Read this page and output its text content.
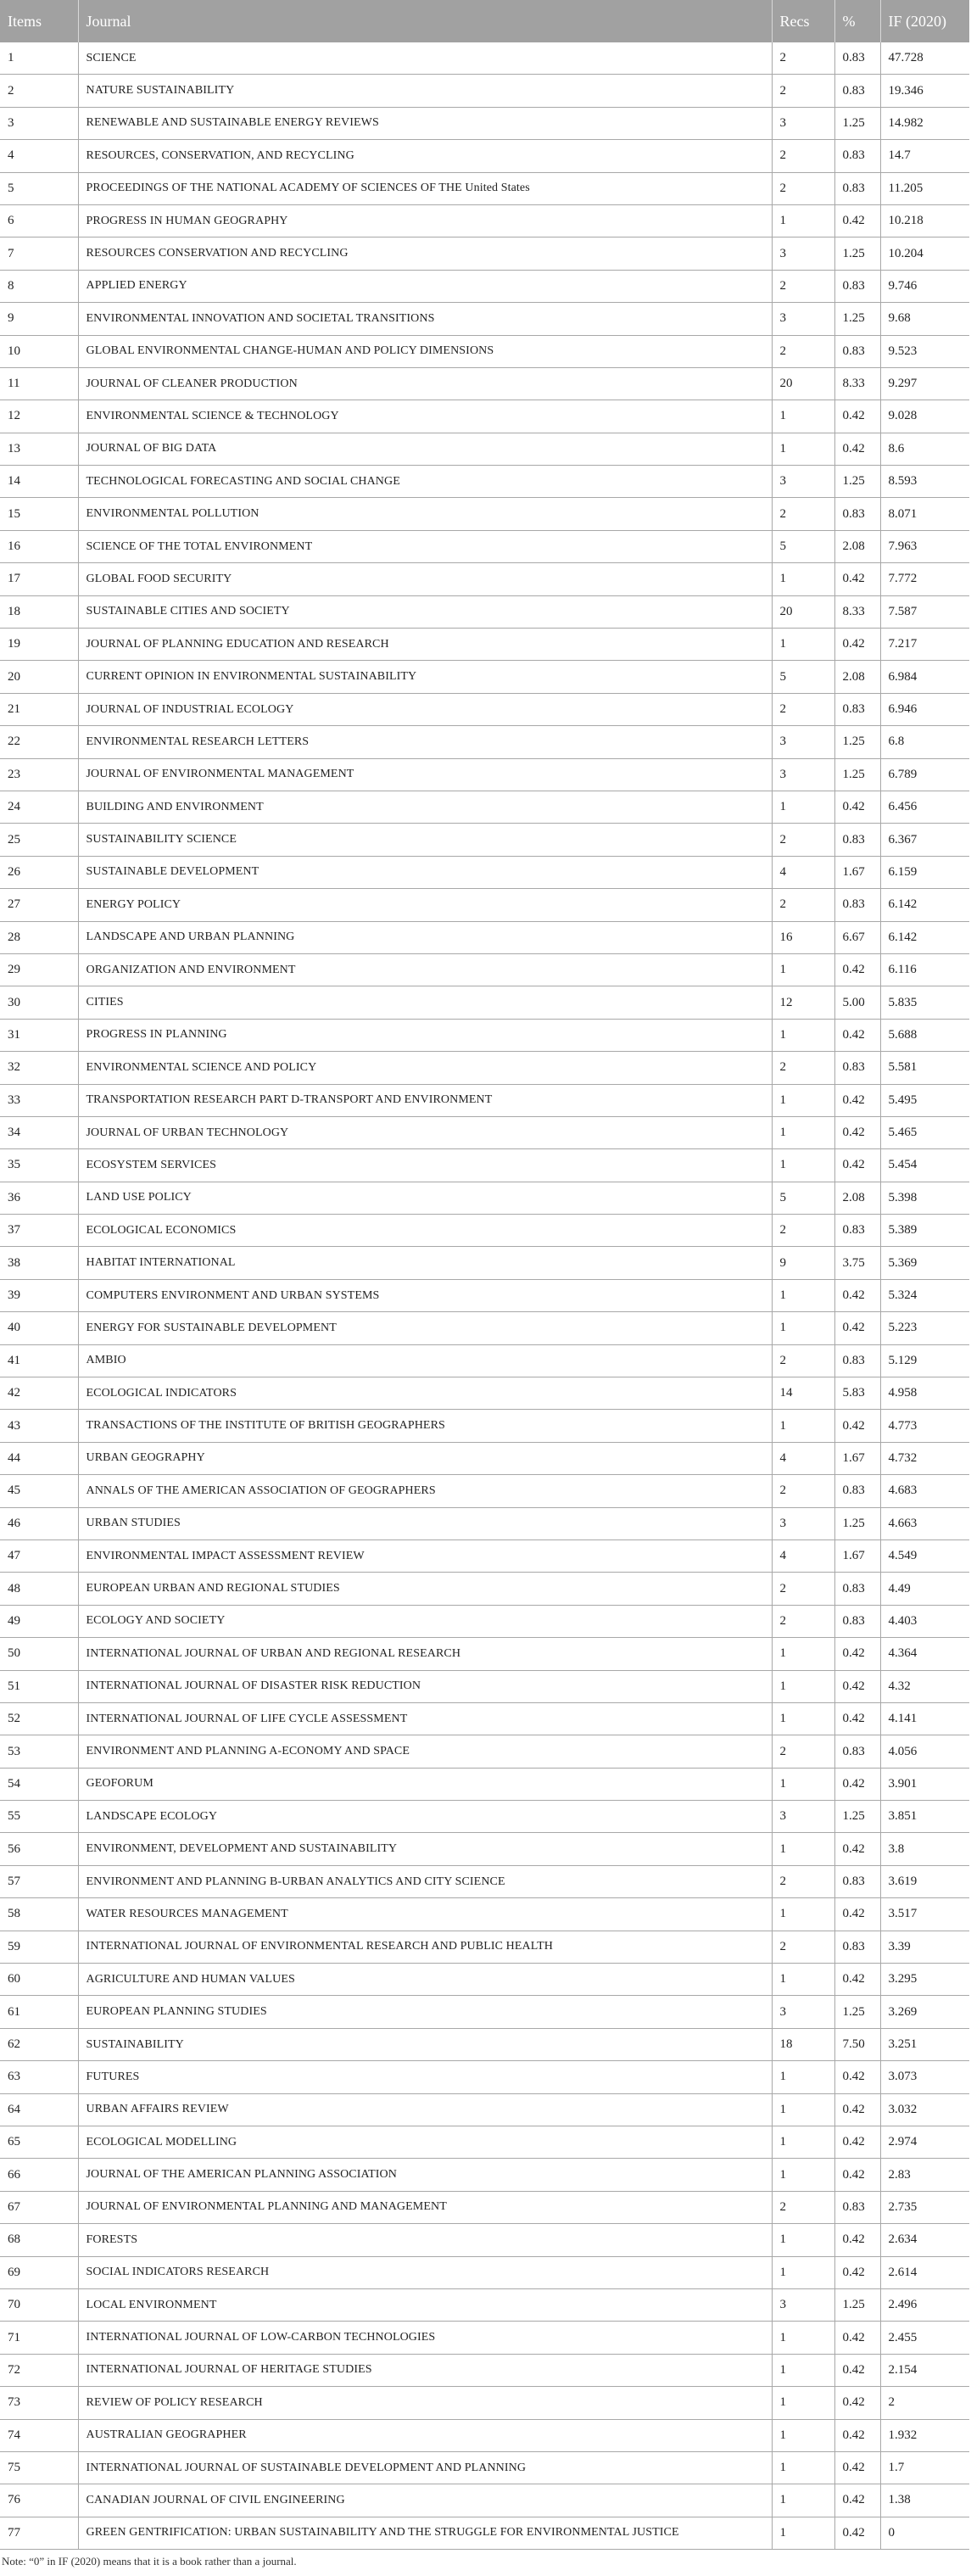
Items	Journal	Recs	%	IF (2020)
1	SCIENCE	2	0.83	47.728
2	NATURE SUSTAINABILITY	2	0.83	19.346
3	RENEWABLE AND SUSTAINABLE ENERGY REVIEWS	3	1.25	14.982
4	RESOURCES, CONSERVATION, AND RECYCLING	2	0.83	14.7
5	PROCEEDINGS OF THE NATIONAL ACADEMY OF SCIENCES OF THE United States	2	0.83	11.205
6	PROGRESS IN HUMAN GEOGRAPHY	1	0.42	10.218
7	RESOURCES CONSERVATION AND RECYCLING	3	1.25	10.204
8	APPLIED ENERGY	2	0.83	9.746
9	ENVIRONMENTAL INNOVATION AND SOCIETAL TRANSITIONS	3	1.25	9.68
10	GLOBAL ENVIRONMENTAL CHANGE-HUMAN AND POLICY DIMENSIONS	2	0.83	9.523
11	JOURNAL OF CLEANER PRODUCTION	20	8.33	9.297
12	ENVIRONMENTAL SCIENCE & TECHNOLOGY	1	0.42	9.028
13	JOURNAL OF BIG DATA	1	0.42	8.6
14	TECHNOLOGICAL FORECASTING AND SOCIAL CHANGE	3	1.25	8.593
15	ENVIRONMENTAL POLLUTION	2	0.83	8.071
16	SCIENCE OF THE TOTAL ENVIRONMENT	5	2.08	7.963
17	GLOBAL FOOD SECURITY	1	0.42	7.772
18	SUSTAINABLE CITIES AND SOCIETY	20	8.33	7.587
19	JOURNAL OF PLANNING EDUCATION AND RESEARCH	1	0.42	7.217
20	CURRENT OPINION IN ENVIRONMENTAL SUSTAINABILITY	5	2.08	6.984
21	JOURNAL OF INDUSTRIAL ECOLOGY	2	0.83	6.946
22	ENVIRONMENTAL RESEARCH LETTERS	3	1.25	6.8
23	JOURNAL OF ENVIRONMENTAL MANAGEMENT	3	1.25	6.789
24	BUILDING AND ENVIRONMENT	1	0.42	6.456
25	SUSTAINABILITY SCIENCE	2	0.83	6.367
26	SUSTAINABLE DEVELOPMENT	4	1.67	6.159
27	ENERGY POLICY	2	0.83	6.142
28	LANDSCAPE AND URBAN PLANNING	16	6.67	6.142
29	ORGANIZATION AND ENVIRONMENT	1	0.42	6.116
30	CITIES	12	5.00	5.835
31	PROGRESS IN PLANNING	1	0.42	5.688
32	ENVIRONMENTAL SCIENCE AND POLICY	2	0.83	5.581
33	TRANSPORTATION RESEARCH PART D-TRANSPORT AND ENVIRONMENT	1	0.42	5.495
34	JOURNAL OF URBAN TECHNOLOGY	1	0.42	5.465
35	ECOSYSTEM SERVICES	1	0.42	5.454
36	LAND USE POLICY	5	2.08	5.398
37	ECOLOGICAL ECONOMICS	2	0.83	5.389
38	HABITAT INTERNATIONAL	9	3.75	5.369
39	COMPUTERS ENVIRONMENT AND URBAN SYSTEMS	1	0.42	5.324
40	ENERGY FOR SUSTAINABLE DEVELOPMENT	1	0.42	5.223
41	AMBIO	2	0.83	5.129
42	ECOLOGICAL INDICATORS	14	5.83	4.958
43	TRANSACTIONS OF THE INSTITUTE OF BRITISH GEOGRAPHERS	1	0.42	4.773
44	URBAN GEOGRAPHY	4	1.67	4.732
45	ANNALS OF THE AMERICAN ASSOCIATION OF GEOGRAPHERS	2	0.83	4.683
46	URBAN STUDIES	3	1.25	4.663
47	ENVIRONMENTAL IMPACT ASSESSMENT REVIEW	4	1.67	4.549
48	EUROPEAN URBAN AND REGIONAL STUDIES	2	0.83	4.49
49	ECOLOGY AND SOCIETY	2	0.83	4.403
50	INTERNATIONAL JOURNAL OF URBAN AND REGIONAL RESEARCH	1	0.42	4.364
51	INTERNATIONAL JOURNAL OF DISASTER RISK REDUCTION	1	0.42	4.32
52	INTERNATIONAL JOURNAL OF LIFE CYCLE ASSESSMENT	1	0.42	4.141
53	ENVIRONMENT AND PLANNING A-ECONOMY AND SPACE	2	0.83	4.056
54	GEOFORUM	1	0.42	3.901
55	LANDSCAPE ECOLOGY	3	1.25	3.851
56	ENVIRONMENT, DEVELOPMENT AND SUSTAINABILITY	1	0.42	3.8
57	ENVIRONMENT AND PLANNING B-URBAN ANALYTICS AND CITY SCIENCE	2	0.83	3.619
58	WATER RESOURCES MANAGEMENT	1	0.42	3.517
59	INTERNATIONAL JOURNAL OF ENVIRONMENTAL RESEARCH AND PUBLIC HEALTH	2	0.83	3.39
60	AGRICULTURE AND HUMAN VALUES	1	0.42	3.295
61	EUROPEAN PLANNING STUDIES	3	1.25	3.269
62	SUSTAINABILITY	18	7.50	3.251
63	FUTURES	1	0.42	3.073
64	URBAN AFFAIRS REVIEW	1	0.42	3.032
65	ECOLOGICAL MODELLING	1	0.42	2.974
66	JOURNAL OF THE AMERICAN PLANNING ASSOCIATION	1	0.42	2.83
67	JOURNAL OF ENVIRONMENTAL PLANNING AND MANAGEMENT	2	0.83	2.735
68	FORESTS	1	0.42	2.634
69	SOCIAL INDICATORS RESEARCH	1	0.42	2.614
70	LOCAL ENVIRONMENT	3	1.25	2.496
71	INTERNATIONAL JOURNAL OF LOW-CARBON TECHNOLOGIES	1	0.42	2.455
72	INTERNATIONAL JOURNAL OF HERITAGE STUDIES	1	0.42	2.154
73	REVIEW OF POLICY RESEARCH	1	0.42	2
74	AUSTRALIAN GEOGRAPHER	1	0.42	1.932
75	INTERNATIONAL JOURNAL OF SUSTAINABLE DEVELOPMENT AND PLANNING	1	0.42	1.7
76	CANADIAN JOURNAL OF CIVIL ENGINEERING	1	0.42	1.38
77	GREEN GENTRIFICATION: URBAN SUSTAINABILITY AND THE STRUGGLE FOR ENVIRONMENTAL JUSTICE	1	0.42	0
Note: “0” in IF (2020) means that it is a book rather than a journal.
